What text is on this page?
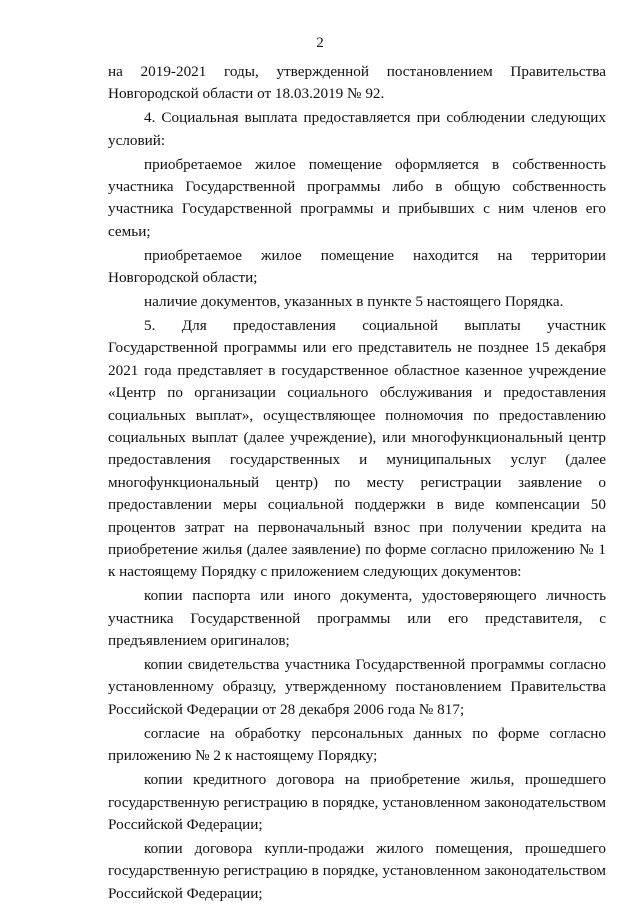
2

на 2019-2021 годы, утвержденной постановлением Правительства Новгородской области от 18.03.2019 № 92.

4. Социальная выплата предоставляется при соблюдении следующих условий:

приобретаемое жилое помещение оформляется в собственность участника Государственной программы либо в общую собственность участника Государственной программы и прибывших с ним членов его семьи;

приобретаемое жилое помещение находится на территории Новгородской области;

наличие документов, указанных в пункте 5 настоящего Порядка.

5. Для предоставления социальной выплаты участник Государственной программы или его представитель не позднее 15 декабря 2021 года представляет в государственное областное казенное учреждение «Центр по организации социального обслуживания и предоставления социальных выплат», осуществляющее полномочия по предоставлению социальных выплат (далее учреждение), или многофункциональный центр предоставления государственных и муниципальных услуг (далее многофункциональный центр) по месту регистрации заявление о предоставлении меры социальной поддержки в виде компенсации 50 процентов затрат на первоначальный взнос при получении кредита на приобретение жилья (далее заявление) по форме согласно приложению № 1 к настоящему Порядку с приложением следующих документов:

копии паспорта или иного документа, удостоверяющего личность участника Государственной программы или его представителя, с предъявлением оригиналов;

копии свидетельства участника Государственной программы согласно установленному образцу, утвержденному постановлением Правительства Российской Федерации от 28 декабря 2006 года № 817;

согласие на обработку персональных данных по форме согласно приложению № 2 к настоящему Порядку;

копии кредитного договора на приобретение жилья, прошедшего государственную регистрацию в порядке, установленном законодательством Российской Федерации;

копии договора купли-продажи жилого помещения, прошедшего государственную регистрацию в порядке, установленном законодательством Российской Федерации;
